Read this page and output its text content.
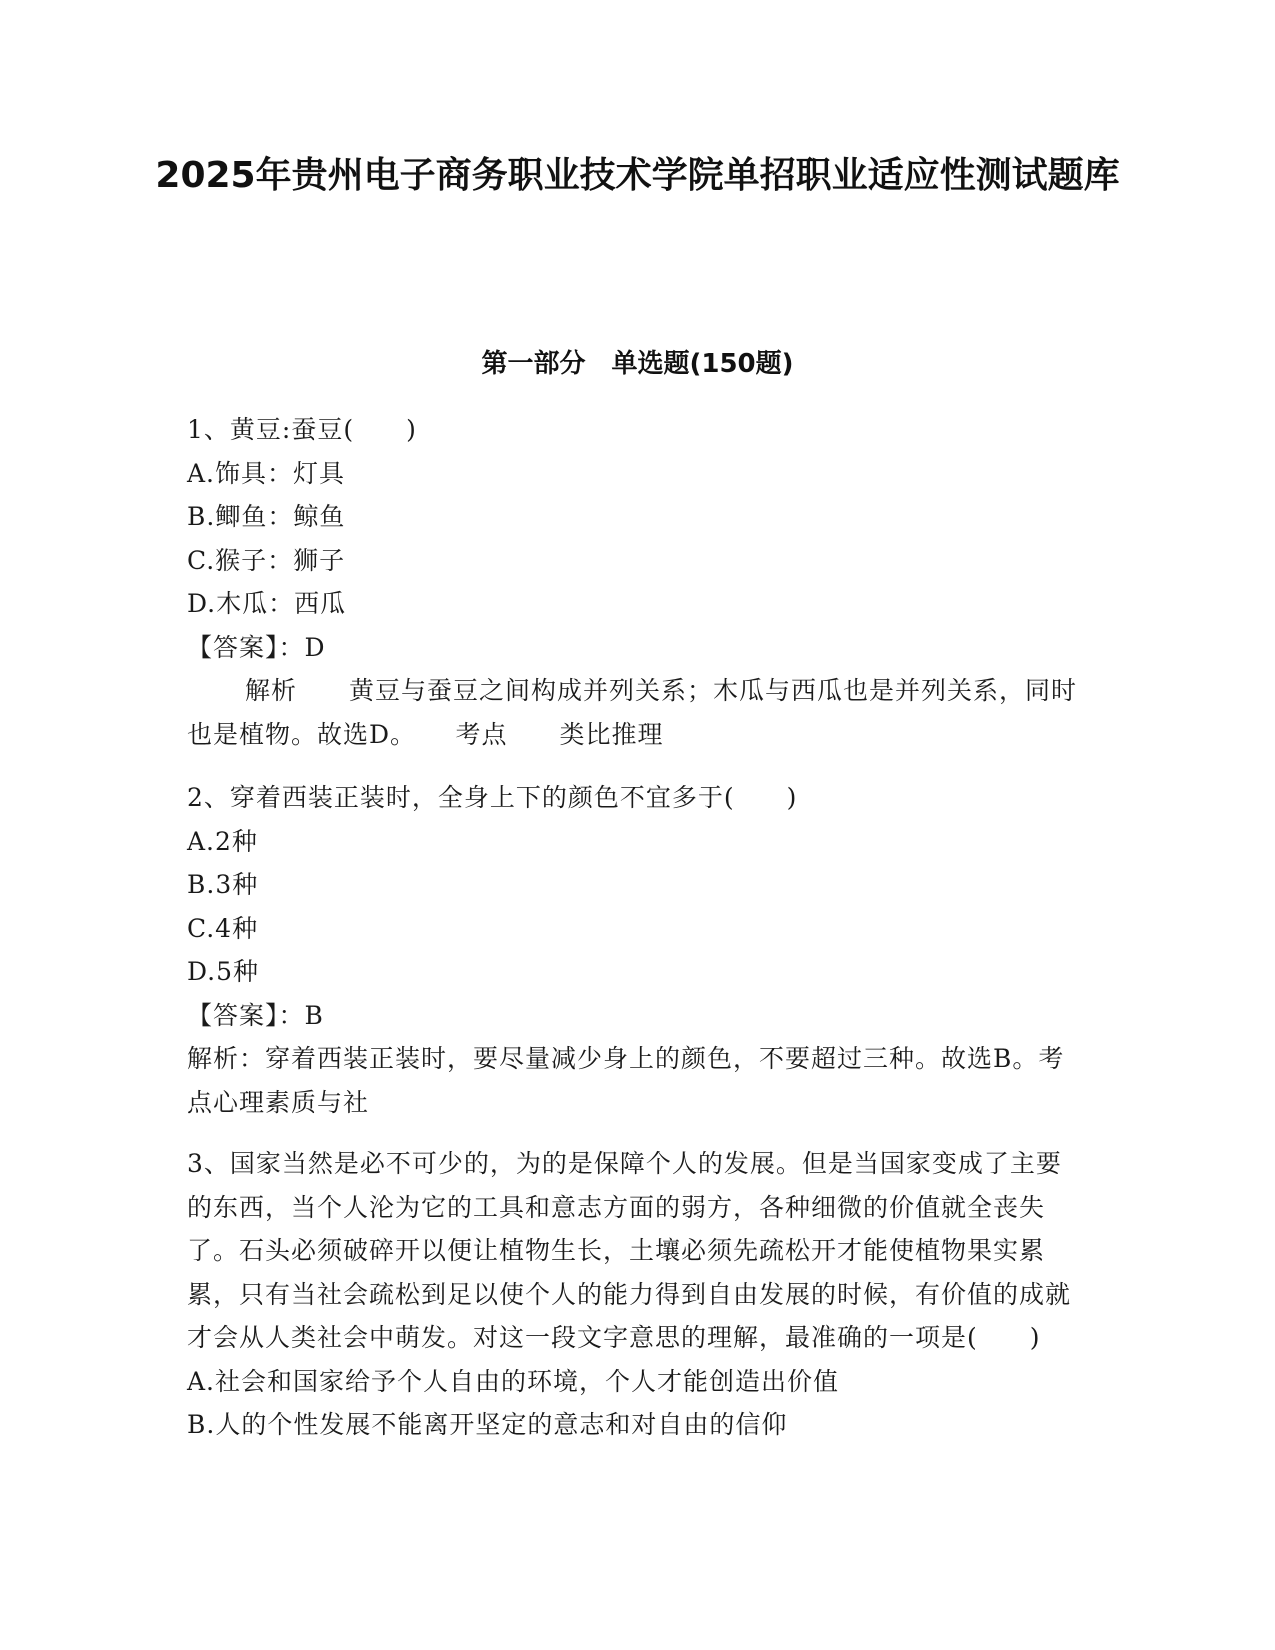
2025年贵州电子商务职业技术学院单招职业适应性测试题库
第一部分　单选题(150题)

1、黄豆:蚕豆(　　)

A.饰具：灯具

B.鲫鱼：鲸鱼

C.猴子：狮子

D.木瓜：西瓜

【答案】：D

解析　　黄豆与蚕豆之间构成并列关系；木瓜与西瓜也是并列关系，同时也是植物。故选D。　　考点　　类比推理

2、穿着西装正装时，全身上下的颜色不宜多于(　　)

A.2种

B.3种

C.4种

D.5种

【答案】：B

解析：穿着西装正装时，要尽量减少身上的颜色，不要超过三种。故选B。考点心理素质与社

3、国家当然是必不可少的，为的是保障个人的发展。但是当国家变成了主要的东西，当个人沦为它的工具和意志方面的弱方，各种细微的价值就全丧失了。石头必须破碎开以便让植物生长，土壤必须先疏松开才能使植物果实累累，只有当社会疏松到足以使个人的能力得到自由发展的时候，有价值的成就才会从人类社会中萌发。对这一段文字意思的理解，最准确的一项是(　　)

A.社会和国家给予个人自由的环境，个人才能创造出价值

B.人的个性发展不能离开坚定的意志和对自由的信仰
